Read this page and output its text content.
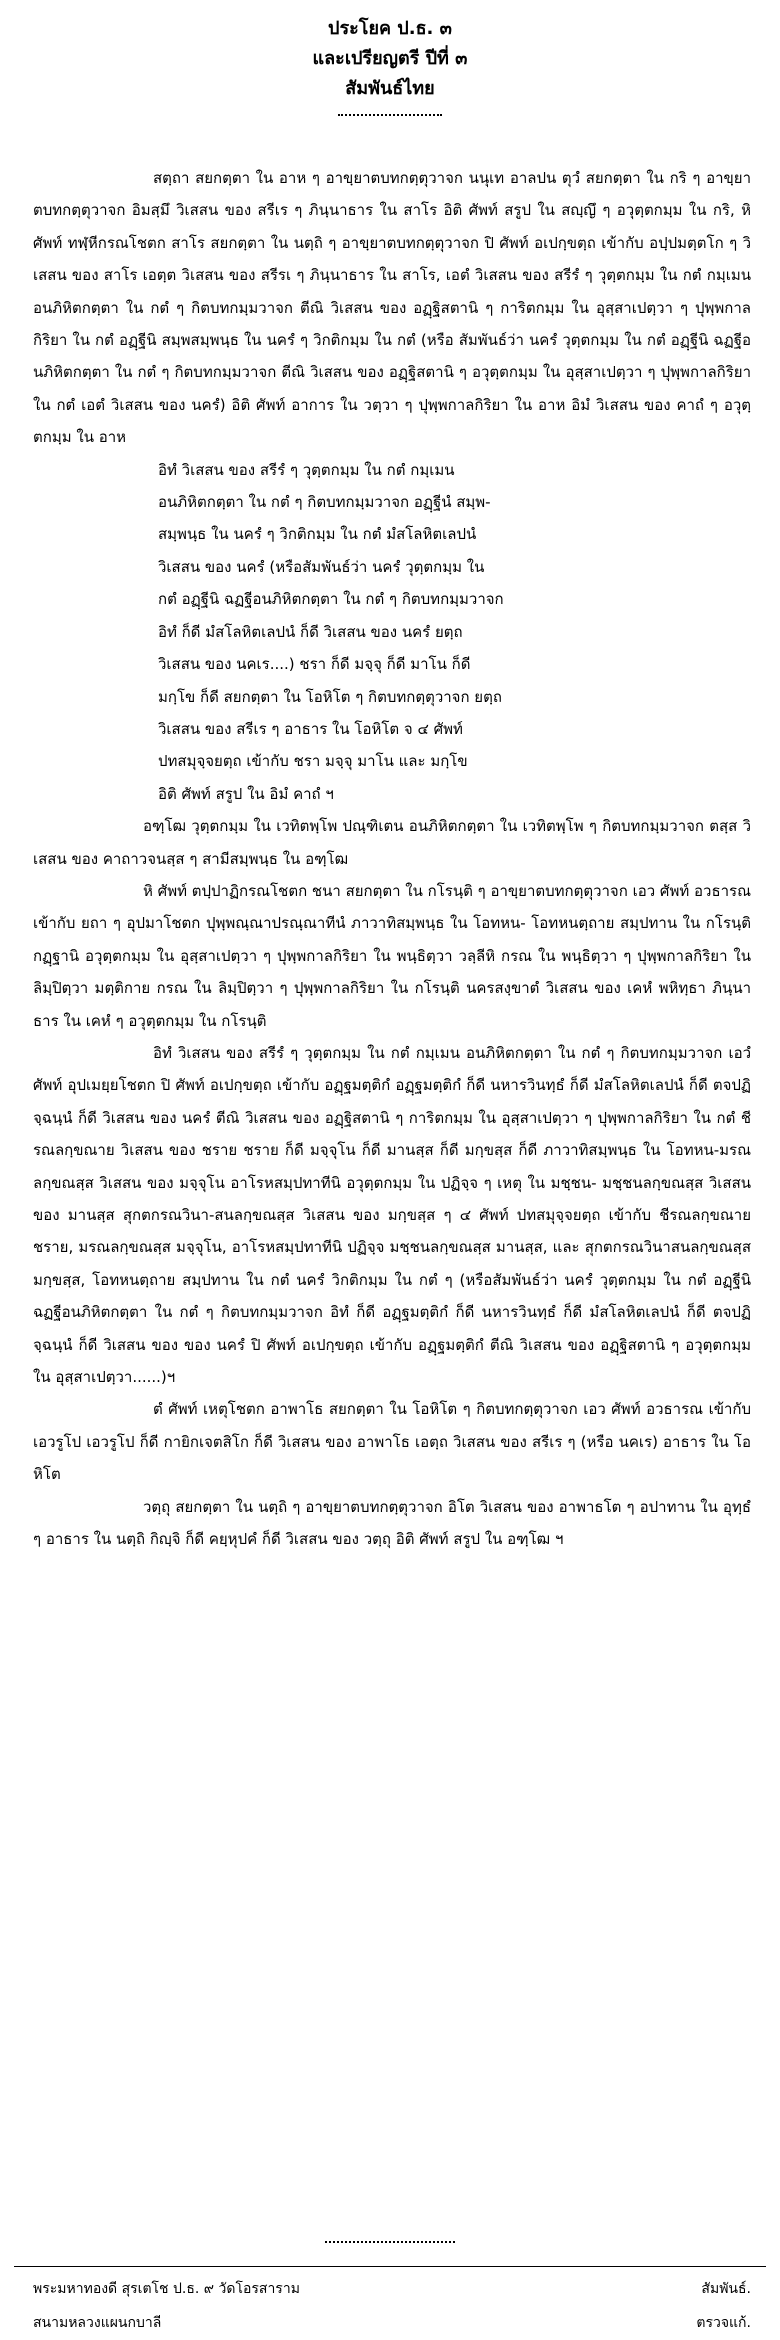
ประโยค ป.ธ. ๓

และเปรียญตรี ปีที่ ๓

สัมพันธ์ไทย

สตฺถา สยกตฺตา ใน อาห ๆ อาขฺยาตบทกตฺตุวาจก นนุเท อาลปน ตุวํ สยกตฺตา ใน กริ ๆ อาขฺยาตบทกตฺตุวาจก อิมสฺมึ วิเสสน ของ สรีเร ๆ ภินฺนาธาร ใน สาโร อิติ ศัพท์ สรูป ใน สญฺญึ ๆ อวุตฺตกมฺม ใน กริ, หิ ศัพท์ ทฬฺหีกรณโชตก สาโร สยกตฺตา ใน นตฺถิ ๆ อาขฺยาตบทกตฺตุวาจก ปิ ศัพท์ อเปกฺขตฺถ เข้ากับ อปฺปมตฺตโก ๆ วิเสสน ของ สาโร เอตฺต วิเสสน ของ สรีรเ ๆ ภินฺนาธาร ใน สาโร, เอตํ วิเสสน ของ สรีรํ ๆ วุตฺตกมฺม ใน กตํ กมฺเมน อนภิหิตกตฺตา ใน กตํ ๆ กิตบทกมฺมวาจก ตีณิ วิเสสน ของ อฏฺฐิสตานิ ๆ การิตกมฺม ใน อุสฺสาเปตฺวา ๆ ปุพฺพกาลกิริยา ใน กตํ อฏฺฐีนิ สมฺพสมฺพนฺธ ใน นครํ ๆ วิกติกมฺม ใน กตํ (หรือ สัมพันธ์ว่า นครํ วุตฺตกมฺม ใน กตํ อฏฺฐีนิ ฉฏฐีอนภิหิตกตฺตา ใน กตํ ๆ กิตบทกมฺมวาจก ตีณิ วิเสสน ของ อฏฺฐิสตานิ ๆ อวุตฺตกมฺม ใน อุสฺสาเปตฺวา ๆ ปุพฺพกาลกิริยา ใน กตํ เอตํ วิเสสน ของ นครํ) อิติ ศัพท์ อาการ ใน วตฺวา ๆ ปุพฺพกาลกิริยา ใน อาห อิมํ วิเสสน ของ คาถํ ๆ อวุตฺตกมฺม ใน อาห

อิทํ วิเสสน ของ สรีรํ ๆ วุตฺตกมฺม ใน กตํ กมฺเมน

อนภิหิตกตฺตา ใน กตํ ๆ กิตบทกมฺมวาจก อฏฺฐีนํ สมฺพ-

สมฺพนฺธ ใน นครํ ๆ วิกติกมฺม ใน กตํ มํสโลหิตเลปนํ

วิเสสน ของ นครํ (หรือสัมพันธ์ว่า นครํ วุตฺตกมฺม ใน

กตํ อฏฺฐีนิ ฉฏฐีอนภิหิตกตฺตา ใน กตํ ๆ กิตบทกมฺมวาจก

อิทํ ก็ดี มํสโลหิตเลปนํ ก็ดี วิเสสน ของ นครํ ยตฺถ

วิเสสน ของ นคเร....) ชรา ก็ดี มจฺจุ ก็ดี มาโน ก็ดี

มกฺโข ก็ดี สยกตฺตา ใน โอหิโต ๆ กิตบทกตฺตุวาจก ยตฺถ

วิเสสน ของ สรีเร ๆ อาธาร ใน โอหิโต จ ๔ ศัพท์

ปทสมุจฺจยตฺถ เข้ากับ ชรา มจฺจุ มาโน และ มกฺโข

อิติ ศัพท์ สรูป ใน อิมํ คาถํ ฯ

อฑฺโฒ วุตฺตกมฺม ใน เวทิตพฺโพ ปณฺฑิเตน อนภิหิตกตฺตา ใน เวทิตพฺโพ ๆ กิตบทกมฺมวาจก ตสฺส วิเสสน ของ คาถาวจนสฺส ๆ สามีสมฺพนฺธ ใน อฑฺโฒ

หิ ศัพท์ ตปฺปาฏิกรณโชตก ชนา สยกตฺตา ใน กโรนฺติ ๆ อาขฺยาตบทกตฺตุวาจก เอว ศัพท์ อวธารณ เข้ากับ ยถา ๆ อุปมาโชตก ปุพฺพณฺณาปรณฺณาทีนํ ภาวาทิสมฺพนฺธ ใน โอทหน- โอทหนตฺถาย สมฺปทาน ใน กโรนฺติ กฏฺฐานิ อวุตฺตกมฺม ใน อุสฺสาเปตฺวา ๆ ปุพฺพกาลกิริยา ใน พนฺธิตฺวา วลฺลีหิ กรณ ใน พนฺธิตฺวา ๆ ปุพฺพกาลกิริยา ใน ลิมฺปิตฺวา มตฺติกาย กรณ ใน ลิมฺปิตฺวา ๆ ปุพฺพกาลกิริยา ใน กโรนฺติ นครสงฺขาตํ วิเสสน ของ เคหํ พหิทฺธา ภินฺนาธาร ใน เคหํ ๆ อวุตฺตกมฺม ใน กโรนฺติ

อิทํ วิเสสน ของ สรีรํ ๆ วุตฺตกมฺม ใน กตํ กมฺเมน อนภิหิตกตฺตา ใน กตํ ๆ กิตบทกมฺมวาจก เอวํ ศัพท์ อุปเมยฺยโชตก ปิ ศัพท์ อเปกฺขตฺถ เข้ากับ อฏฺฐมตฺติกํ อฏฺฐมตฺติกํ ก็ดี นหารวินทฺธํ ก็ดี มํสโลหิตเลปนํ ก็ดี ตจปฏิจฺฉนฺนํ ก็ดี วิเสสน ของ นครํ ตีณิ วิเสสน ของ อฏฺฐิสตานิ ๆ การิตกมฺม ใน อุสฺสาเปตฺวา ๆ ปุพฺพกาลกิริยา ใน กตํ ชีรณลกฺขณาย วิเสสน ของ ชราย ชราย ก็ดี มจฺจุโน ก็ดี มานสฺส ก็ดี มกฺขสฺส ก็ดี ภาวาทิสมฺพนฺธ ใน โอทหน-มรณลกฺขณสฺส วิเสสน ของ มจฺจุโน อาโรหสมฺปทาทีนิ อวุตฺตกมฺม ใน ปฏิจฺจ ๆ เหตุ ใน มชฺชน- มชฺชนลกฺขณสฺส วิเสสน ของ มานสฺส สุกตกรณวินา-สนลกฺขณสฺส วิเสสน ของ มกฺขสฺส ๆ ๔ ศัพท์ ปทสมุจฺจยตฺถ เข้ากับ ชีรณลกฺขณาย ชราย, มรณลกฺขณสฺส มจฺจุโน, อาโรหสมฺปทาทีนิ ปฏิจฺจ มชฺชนลกฺขณสฺส มานสฺส, และ สุกตกรณวินาสนลกฺขณสฺส มกฺขสฺส, โอทหนตฺถาย สมฺปทาน ใน กตํ นครํ วิกติกมฺม ใน กตํ ๆ (หรือสัมพันธ์ว่า นครํ วุตฺตกมฺม ใน กตํ อฏฺฐีนิ ฉฏฐีอนภิหิตกตฺตา ใน กตํ ๆ กิตบทกมฺมวาจก อิทํ ก็ดี อฏฺฐมตฺติกํ ก็ดี นหารวินทฺธํ ก็ดี มํสโลหิตเลปนํ ก็ดี ตจปฏิจฺฉนฺนํ ก็ดี วิเสสน ของ ของ นครํ ปิ ศัพท์ อเปกฺขตฺถ เข้ากับ อฏฺฐมตฺติกํ ตีณิ วิเสสน ของ อฏฺฐิสตานิ ๆ อวุตฺตกมฺม ใน อุสฺสาเปตฺวา......)ฯ

ตํ ศัพท์ เหตุโชตก อาพาโธ สยกตฺตา ใน โอหิโต ๆ กิตบทกตฺตุวาจก เอว ศัพท์ อวธารณ เข้ากับ เอวรูโป เอวรูโป ก็ดี กายิกเจตสิโก ก็ดี วิเสสน ของ อาพาโธ เอตฺถ วิเสสน ของ สรีเร ๆ (หรือ นคเร) อาธาร ใน โอหิโต

วตฺถุ สยกตฺตา ใน นตฺถิ ๆ อาขฺยาตบทกตฺตุวาจก อิโต วิเสสน ของ อาพาธโต ๆ อปาทาน ใน อุทฺธํ ๆ อาธาร ใน นตฺถิ กิญฺจิ ก็ดี คยฺหุปคํ ก็ดี วิเสสน ของ วตฺถุ อิติ ศัพท์ สรูป ใน อฑฺโฒ ฯ

พระมหาทองดี สุรเตโช ป.ธ. ๙ วัดโอรสาราม	สัมพันธ์.
สนามหลวงแผนกบาลี	ตรวจแก้.
